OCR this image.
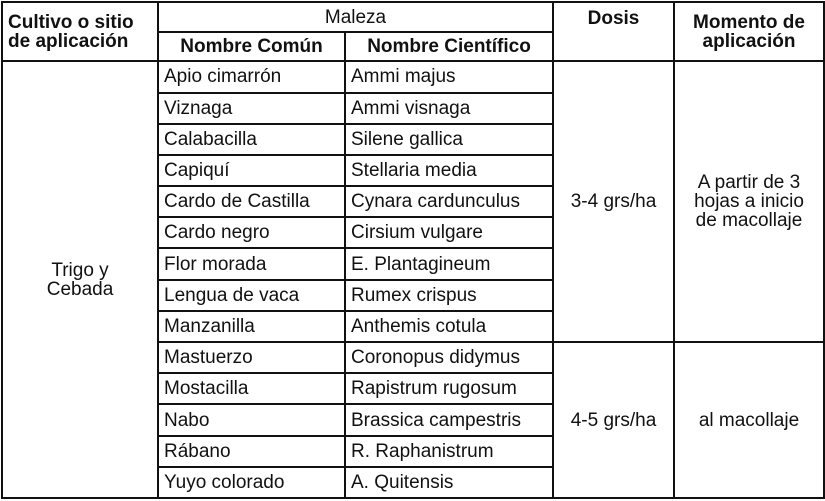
Cultivo o sitio
de aplicación	Maleza		Dosis	Momento de
aplicación

	Nombre Común	Nombre Científico		

Trigo y
Cebada	Apio cimarrón	Ammi majus	3-4 grs/ha	A partir de 3
hojas a inicio
de macollaje

	Viznaga	Ammi visnaga		
	Calabacilla	Silene gallica		
	Capiquí	Stellaria media		
	Cardo de Castilla	Cynara cardunculus		
	Cardo negro	Cirsium vulgare		
	Flor morada	E. Plantagineum		
	Lengua de vaca	Rumex crispus		
	Manzanilla	Anthemis cotula		
	Mastuerzo	Coronopus didymus	4-5 grs/ha	al macollaje
	Mostacilla	Rapistrum rugosum		
	Nabo	Brassica campestris		
	Rábano	R. Raphanistrum		
	Yuyo colorado	A. Quitensis		
